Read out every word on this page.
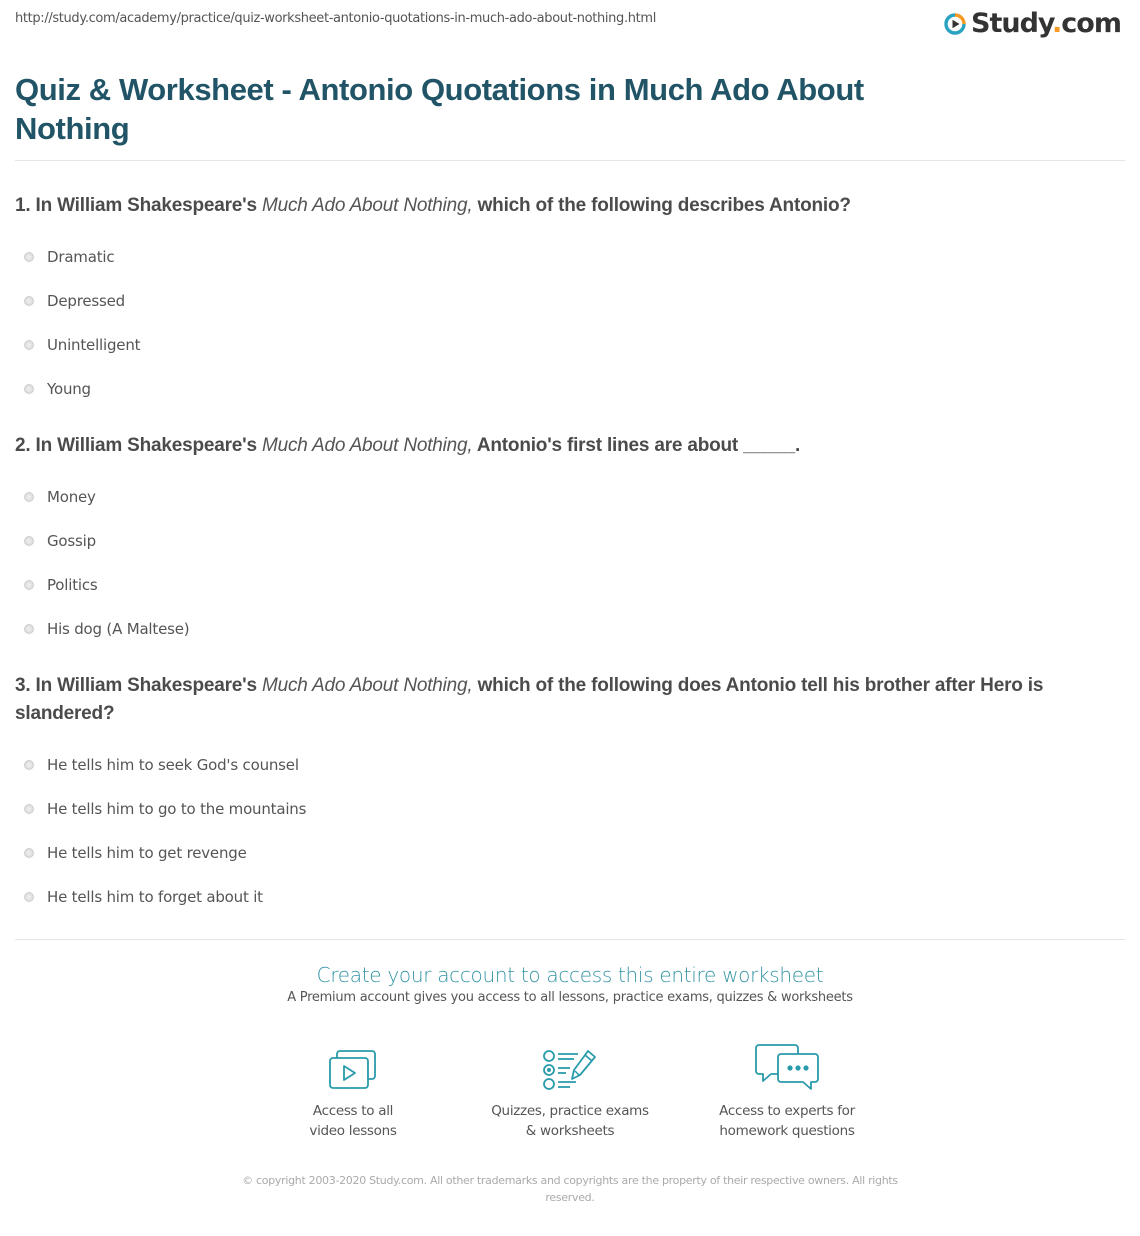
http://study.com/academy/practice/quiz-worksheet-antonio-quotations-in-much-ado-about-nothing.html	Study.com
Quiz & Worksheet - Antonio Quotations in Much Ado About Nothing
1. In William Shakespeare's Much Ado About Nothing, which of the following describes Antonio?
Dramatic
Depressed
Unintelligent
Young
2. In William Shakespeare's Much Ado About Nothing, Antonio's first lines are about _____.
Money
Gossip
Politics
His dog (A Maltese)
3. In William Shakespeare's Much Ado About Nothing, which of the following does Antonio tell his brother after Hero is slandered?
He tells him to seek God's counsel
He tells him to go to the mountains
He tells him to get revenge
He tells him to forget about it
Create your account to access this entire worksheet
A Premium account gives you access to all lessons, practice exams, quizzes & worksheets
Access to all
video lessons
Quizzes, practice exams
& worksheets
Access to experts for
homework questions
© copyright 2003-2020 Study.com. All other trademarks and copyrights are the property of their respective owners. All rights reserved.
